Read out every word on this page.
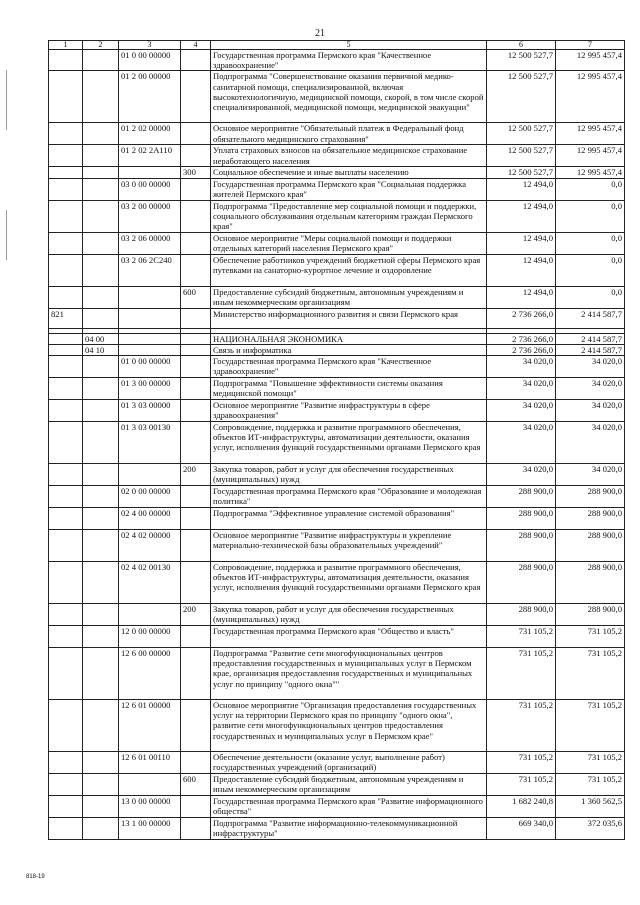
21
1	2	3	4	5	6	7
		01 0 00 00000		Государственная программа Пермского края "Качественное здравоохранение"	12 500 527,7	12 995 457,4
		01 2 00 00000		Подпрограмма "Совершенствование оказания первичной медико-санитарной помощи, специализированной, включая высокотехнологичную, медицинской помощи, скорой, в том числе скорой специализированной, медицинской помощи, медицинской эвакуации"	12 500 527,7	12 995 457,4
		01 2 02 00000		Основное мероприятие "Обязательный платеж в Федеральный фонд обязательного медицинского страхования"	12 500 527,7	12 995 457,4
		01 2 02 2A110		Уплата страховых взносов на обязательное медицинское страхование неработающего населения	12 500 527,7	12 995 457,4
			300	Социальное обеспечение и иные выплаты населению	12 500 527,7	12 995 457,4
		03 0 00 00000		Государственная программа Пермского края "Социальная поддержка жителей Пермского края"	12 494,0	0,0
		03 2 00 00000		Подпрограмма "Предоставление мер социальной помощи и поддержки, социального обслуживания отдельным категориям граждан Пермского края"	12 494,0	0,0
		03 2 06 00000		Основное мероприятие "Меры социальной помощи и поддержки отдельных категорий населения Пермского края"	12 494,0	0,0
		03 2 06 2C240		Обеспечение работников учреждений бюджетной сферы Пермского края путевками на санаторно-курортное лечение и оздоровление	12 494,0	0,0
			600	Предоставление субсидий бюджетным, автономным учреждениям и иным некоммерческим организациям	12 494,0	0,0
821				Министерство информационного развития и связи Пермского края	2 736 266,0	2 414 587,7

	04 00			НАЦИОНАЛЬНАЯ ЭКОНОМИКА	2 736 266,0	2 414 587,7
	04 10			Связь и информатика	2 736 266,0	2 414 587,7
		01 0 00 00000		Государственная программа Пермского края "Качественное здравоохранение"	34 020,0	34 020,0
		01 3 00 00000		Подпрограмма "Повышение эффективности системы оказания медицинской помощи"	34 020,0	34 020,0
		01 3 03 00000		Основное мероприятие "Развитие инфраструктуры в сфере здравоохранения"	34 020,0	34 020,0
		01 3 03 00130		Сопровождение, поддержка и развитие программного обеспечения, объектов ИТ-инфраструктуры, автоматизации деятельности, оказания услуг, исполнения функций государственными органами Пермского края	34 020,0	34 020,0
			200	Закупка товаров, работ и услуг для обеспечения государственных (муниципальных) нужд	34 020,0	34 020,0
		02 0 00 00000		Государственная программа Пермского края "Образование и молодежная политика"	288 900,0	288 900,0
		02 4 00 00000		Подпрограмма "Эффективное управление системой образования"	288 900,0	288 900,0
		02 4 02 00000		Основное мероприятие "Развитие инфраструктуры и укрепление материально-технической базы образовательных учреждений"	288 900,0	288 900,0
		02 4 02 00130		Сопровождение, поддержка и развитие программного обеспечения, объектов ИТ-инфраструктуры, автоматизация деятельности, оказания услуг, исполнения функций государственными органами Пермского края	288 900,0	288 900,0
			200	Закупка товаров, работ и услуг для обеспечения государственных (муниципальных) нужд	288 900,0	288 900,0
		12 0 00 00000		Государственная программа Пермского края "Общество и власть"	731 105,2	731 105,2
		12 6 00 00000		Подпрограмма "Развитие сети многофункциональных центров предоставления государственных и муниципальных услуг в Пермском крае, организация предоставления государственных и муниципальных услуг по принципу "одного окна""	731 105,2	731 105,2
		12 6 01 00000		Основное мероприятие "Организация предоставления государственных услуг на территории Пермского края по принципу "одного окна", развитие сети многофункциональных центров предоставления государственных и муниципальных услуг в Пермском крае"	731 105,2	731 105,2
		12 6 01 00110		Обеспечение деятельности (оказание услуг, выполнение работ) государственных учреждений (организаций)	731 105,2	731 105,2
			600	Предоставление субсидий бюджетным, автономным учреждениям и иным некоммерческим организациям	731 105,2	731 105,2
		13 0 00 00000		Государственная программа Пермского края "Развитие информационного общества"	1 682 240,8	1 360 562,5
		13 1 00 00000		Подпрограмма "Развитие информационно-телекоммуникационной инфраструктуры"	669 340,0	372 035,6
818-19
